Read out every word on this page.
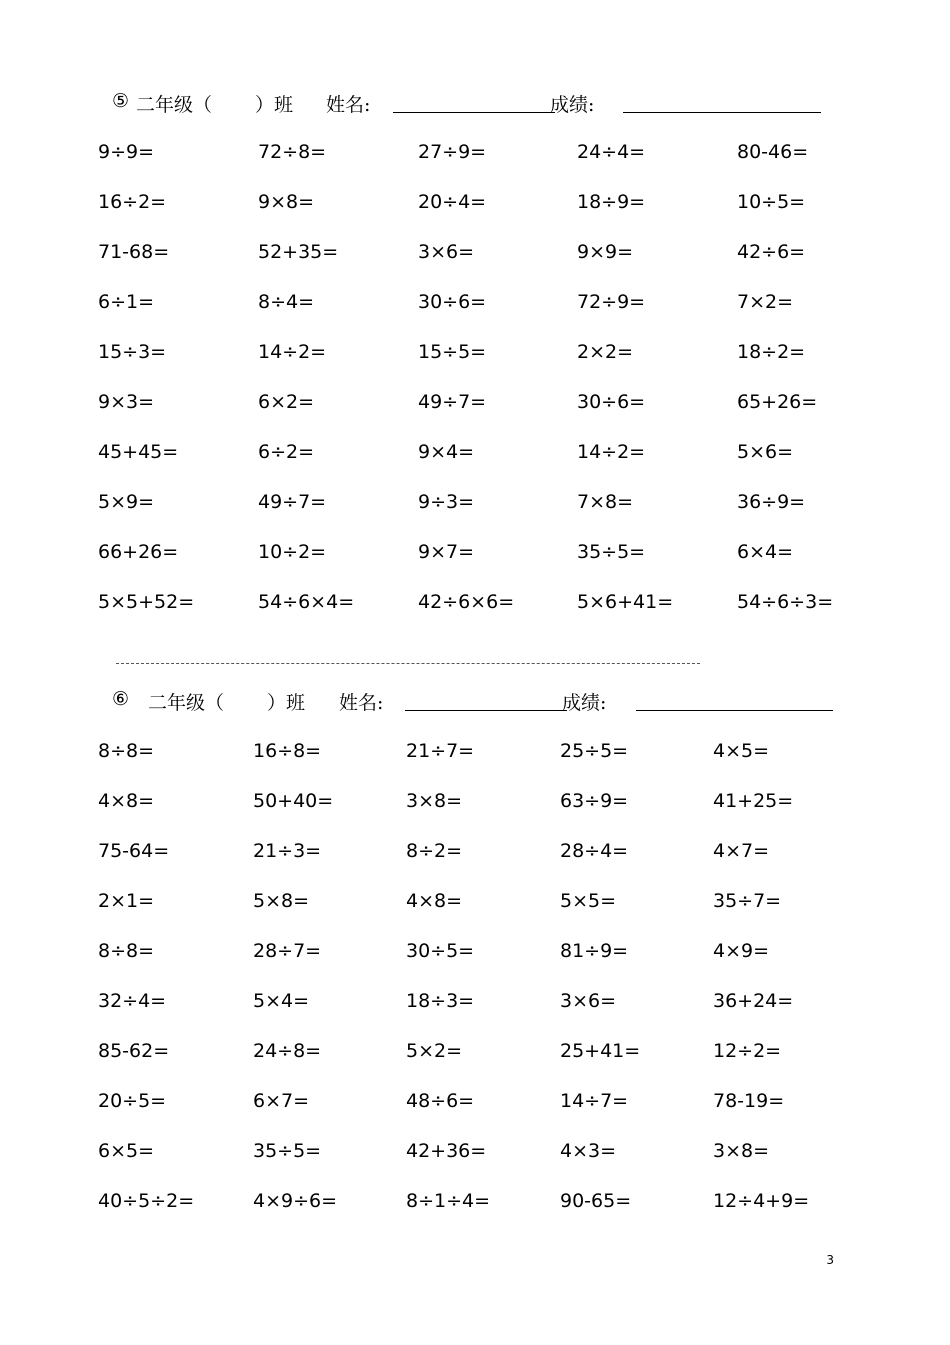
⑤ 二年级（ ）班 姓名:	成绩:
9÷9=	72÷8=	27÷9=	24÷4=	80-46=
16÷2=	9×8=	20÷4=	18÷9=	10÷5=
71-68=	52+35=	3×6=	9×9=	42÷6=
6÷1=	8÷4=	30÷6=	72÷9=	7×2=
15÷3=	14÷2=	15÷5=	2×2=	18÷2=
9×3=	6×2=	49÷7=	30÷6=	65+26=
45+45=	6÷2=	9×4=	14÷2=	5×6=
5×9=	49÷7=	9÷3=	7×8=	36÷9=
66+26=	10÷2=	9×7=	35÷5=	6×4=
5×5+52=	54÷6×4=	42÷6×6=	5×6+41=	54÷6÷3=
⑥ 二年级（ ）班 姓名:	成绩:
8÷8=	16÷8=	21÷7=	25÷5=	4×5=
4×8=	50+40=	3×8=	63÷9=	41+25=
75-64=	21÷3=	8÷2=	28÷4=	4×7=
2×1=	5×8=	4×8=	5×5=	35÷7=
8÷8=	28÷7=	30÷5=	81÷9=	4×9=
32÷4=	5×4=	18÷3=	3×6=	36+24=
85-62=	24÷8=	5×2=	25+41=	12÷2=
20÷5=	6×7=	48÷6=	14÷7=	78-19=
6×5=	35÷5=	42+36=	4×3=	3×8=
40÷5÷2=	4×9÷6=	8÷1÷4=	90-65=	12÷4+9=
3
